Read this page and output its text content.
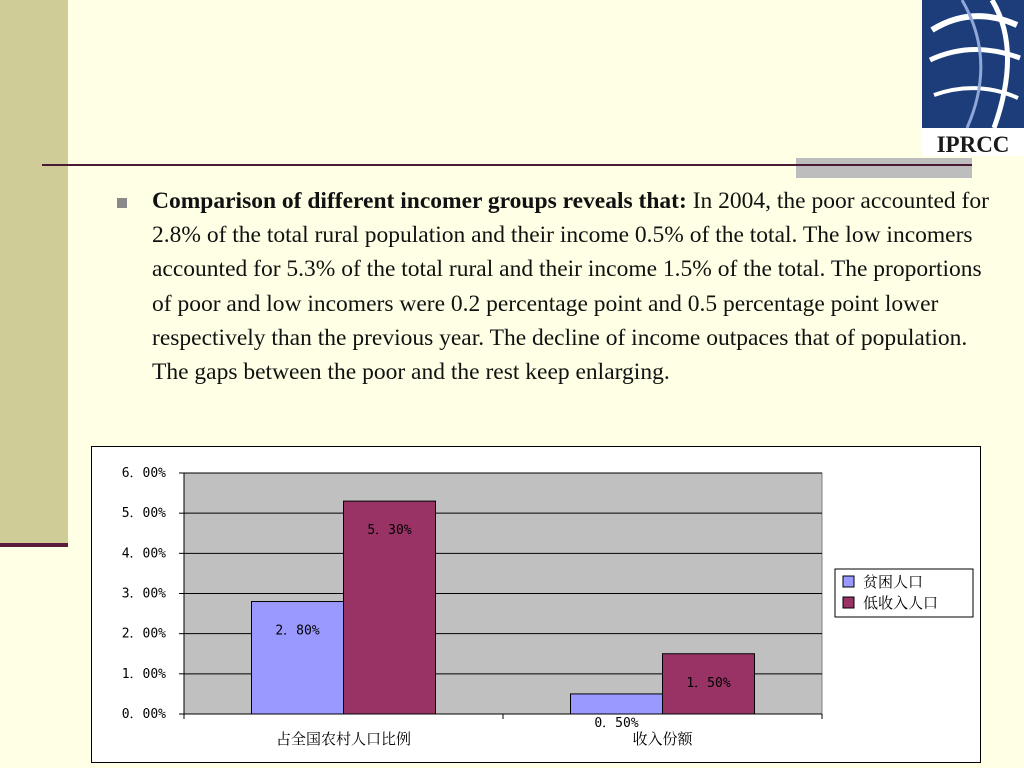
IPRCC

Comparison of different incomer groups reveals that: In 2004, the poor accounted for 2.8% of the total rural population and their income 0.5% of the total. The low incomers accounted for 5.3% of the total rural and their income 1.5% of the total. The proportions of poor and low incomers were 0.2 percentage point and 0.5 percentage point lower respectively than the previous year. The decline of income outpaces that of population. The gaps between the poor and the rest keep enlarging.

0．00%
1．00%
2．00%
3．00%
4．00%
5．00%
6．00%
占全国农村人口比例
2．80%
5．30%
收入份额
0．50%
1．50%
贫困人口
低收入人口
